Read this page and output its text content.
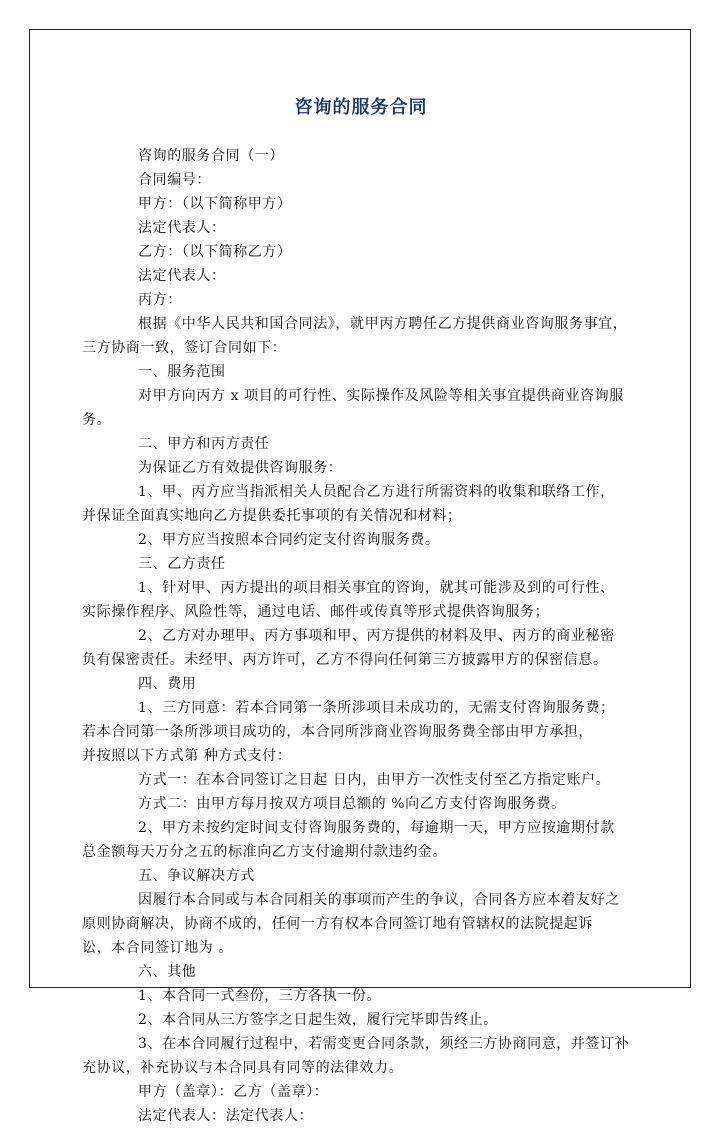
咨询的服务合同
咨询的服务合同（一）
合同编号：
甲方：（以下简称甲方）
法定代表人：
乙方：（以下简称乙方）
法定代表人：
丙方：
根据《中华人民共和国合同法》，就甲丙方聘任乙方提供商业咨询服务事宜，
三方协商一致，签订合同如下：
一、服务范围
对甲方向丙方 x 项目的可行性、实际操作及风险等相关事宜提供商业咨询服
务。
二、甲方和丙方责任
为保证乙方有效提供咨询服务：
1、甲、丙方应当指派相关人员配合乙方进行所需资料的收集和联络工作，
并保证全面真实地向乙方提供委托事项的有关情况和材料；
2、甲方应当按照本合同约定支付咨询服务费。
三、乙方责任
1、针对甲、丙方提出的项目相关事宜的咨询，就其可能涉及到的可行性、
实际操作程序、风险性等，通过电话、邮件或传真等形式提供咨询服务；
2、乙方对办理甲、丙方事项和甲、丙方提供的材料及甲、丙方的商业秘密
负有保密责任。未经甲、丙方许可，乙方不得向任何第三方披露甲方的保密信息。
四、费用
1、三方同意：若本合同第一条所涉项目未成功的，无需支付咨询服务费；
若本合同第一条所涉项目成功的，本合同所涉商业咨询服务费全部由甲方承担，
并按照以下方式第 种方式支付：
方式一：在本合同签订之日起 日内，由甲方一次性支付至乙方指定账户。
方式二：由甲方每月按双方项目总额的 %向乙方支付咨询服务费。
2、甲方未按约定时间支付咨询服务费的，每逾期一天，甲方应按逾期付款
总金额每天万分之五的标准向乙方支付逾期付款违约金。
五、争议解决方式
因履行本合同或与本合同相关的事项而产生的争议，合同各方应本着友好之
原则协商解决，协商不成的，任何一方有权本合同签订地有管辖权的法院提起诉
讼，本合同签订地为 。
六、其他
1、本合同一式叁份，三方各执一份。
2、本合同从三方签字之日起生效，履行完毕即告终止。
3、在本合同履行过程中，若需变更合同条款，须经三方协商同意，并签订补
充协议，补充协议与本合同具有同等的法律效力。
甲方（盖章）：乙方（盖章）：
法定代表人：法定代表人：
